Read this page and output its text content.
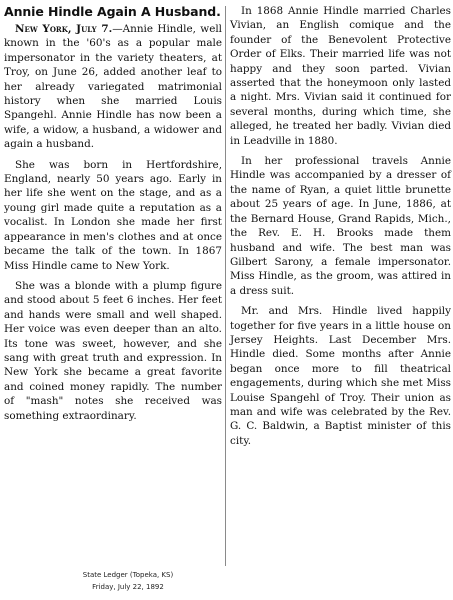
Annie Hindle Again A Husband.

New York, July 7.—Annie Hindle, well known in the '60's as a popular male impersonator in the variety theaters, at Troy, on June 26, added another leaf to her already variegated matrimonial history when she married Louis Spangehl. Annie Hindle has now been a wife, a widow, a husband, a widower and again a husband.

She was born in Hertfordshire, England, nearly 50 years ago. Early in her life she went on the stage, and as a young girl made quite a reputation as a vocalist. In London she made her first appearance in men's clothes and at once became the talk of the town. In 1867 Miss Hindle came to New York.

She was a blonde with a plump figure and stood about 5 feet 6 inches. Her feet and hands were small and well shaped. Her voice was even deeper than an alto. Its tone was sweet, however, and she sang with great truth and expression. In New York she became a great favorite and coined money rapidly. The number of "mash" notes she received was something extraordinary.

In 1868 Annie Hindle married Charles Vivian, an English comique and the founder of the Benevolent Protective Order of Elks. Their married life was not happy and they soon parted. Vivian asserted that the honeymoon only lasted a night. Mrs. Vivian said it continued for several months, during which time, she alleged, he treated her badly. Vivian died in Leadville in 1880.

In her professional travels Annie Hindle was accompanied by a dresser of the name of Ryan, a quiet little brunette about 25 years of age. In June, 1886, at the Bernard House, Grand Rapids, Mich., the Rev. E. H. Brooks made them husband and wife. The best man was Gilbert Sarony, a female impersonator. Miss Hindle, as the groom, was attired in a dress suit.

Mr. and Mrs. Hindle lived happily together for five years in a little house on Jersey Heights. Last December Mrs. Hindle died. Some months after Annie began once more to fill theatrical engagements, during which she met Miss Louise Spangehl of Troy. Their union as man and wife was celebrated by the Rev. G. C. Baldwin, a Baptist minister of this city.

State Ledger (Topeka, KS)
Friday, July 22, 1892
